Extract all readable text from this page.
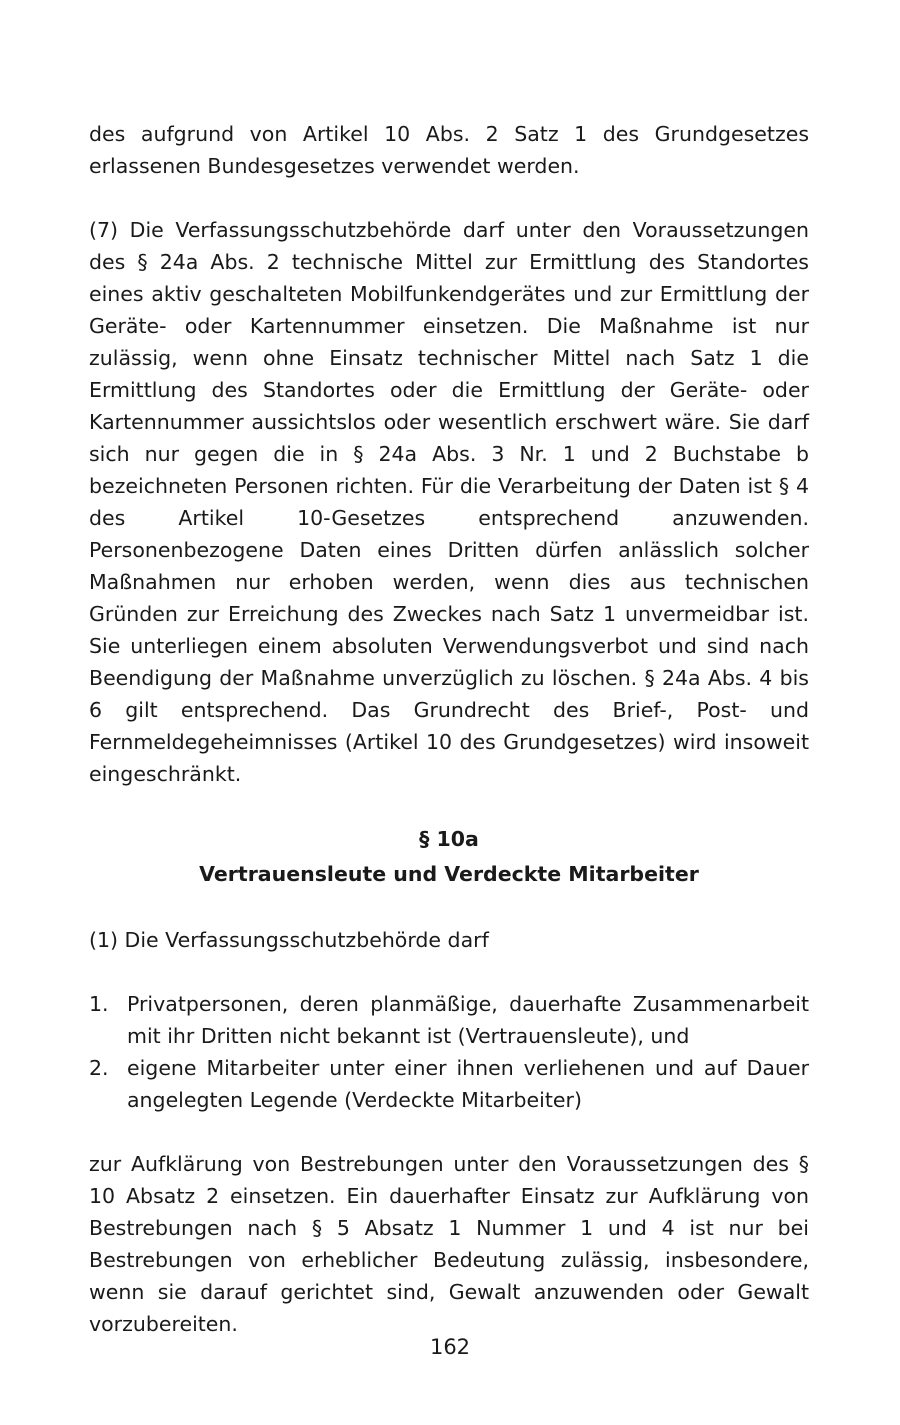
des aufgrund von Artikel 10 Abs. 2 Satz 1 des Grundgesetzes erlassenen Bundesgesetzes verwendet werden.

(7) Die Verfassungsschutzbehörde darf unter den Voraussetzungen des § 24a Abs. 2 technische Mittel zur Ermittlung des Standortes eines aktiv geschalteten Mobilfunkendgerätes und zur Ermittlung der Geräte- oder Kartennummer einsetzen. Die Maßnahme ist nur zulässig, wenn ohne Einsatz technischer Mittel nach Satz 1 die Ermittlung des Standortes oder die Ermittlung der Geräte- oder Kartennummer aussichtslos oder wesentlich erschwert wäre. Sie darf sich nur gegen die in § 24a Abs. 3 Nr. 1 und 2 Buchstabe b bezeichneten Personen richten. Für die Verarbeitung der Daten ist § 4 des Artikel 10-Gesetzes entsprechend anzuwenden. Personenbezogene Daten eines Dritten dürfen anlässlich solcher Maßnahmen nur erhoben werden, wenn dies aus technischen Gründen zur Erreichung des Zweckes nach Satz 1 unvermeidbar ist. Sie unterliegen einem absoluten Verwendungsverbot und sind nach Beendigung der Maßnahme unverzüglich zu löschen. § 24a Abs. 4 bis 6 gilt entsprechend. Das Grundrecht des Brief-, Post- und Fernmeldegeheimnisses (Artikel 10 des Grundgesetzes) wird insoweit eingeschränkt.

§ 10a
Vertrauensleute und Verdeckte Mitarbeiter

(1) Die Verfassungsschutzbehörde darf

1. Privatpersonen, deren planmäßige, dauerhafte Zusammenarbeit mit ihr Dritten nicht bekannt ist (Vertrauensleute), und
2. eigene Mitarbeiter unter einer ihnen verliehenen und auf Dauer angelegten Legende (Verdeckte Mitarbeiter)

zur Aufklärung von Bestrebungen unter den Voraussetzungen des § 10 Absatz 2 einsetzen. Ein dauerhafter Einsatz zur Aufklärung von Bestrebungen nach § 5 Absatz 1 Nummer 1 und 4 ist nur bei Bestrebungen von erheblicher Bedeutung zulässig, insbesondere, wenn sie darauf gerichtet sind, Gewalt anzuwenden oder Gewalt vorzubereiten.

162
